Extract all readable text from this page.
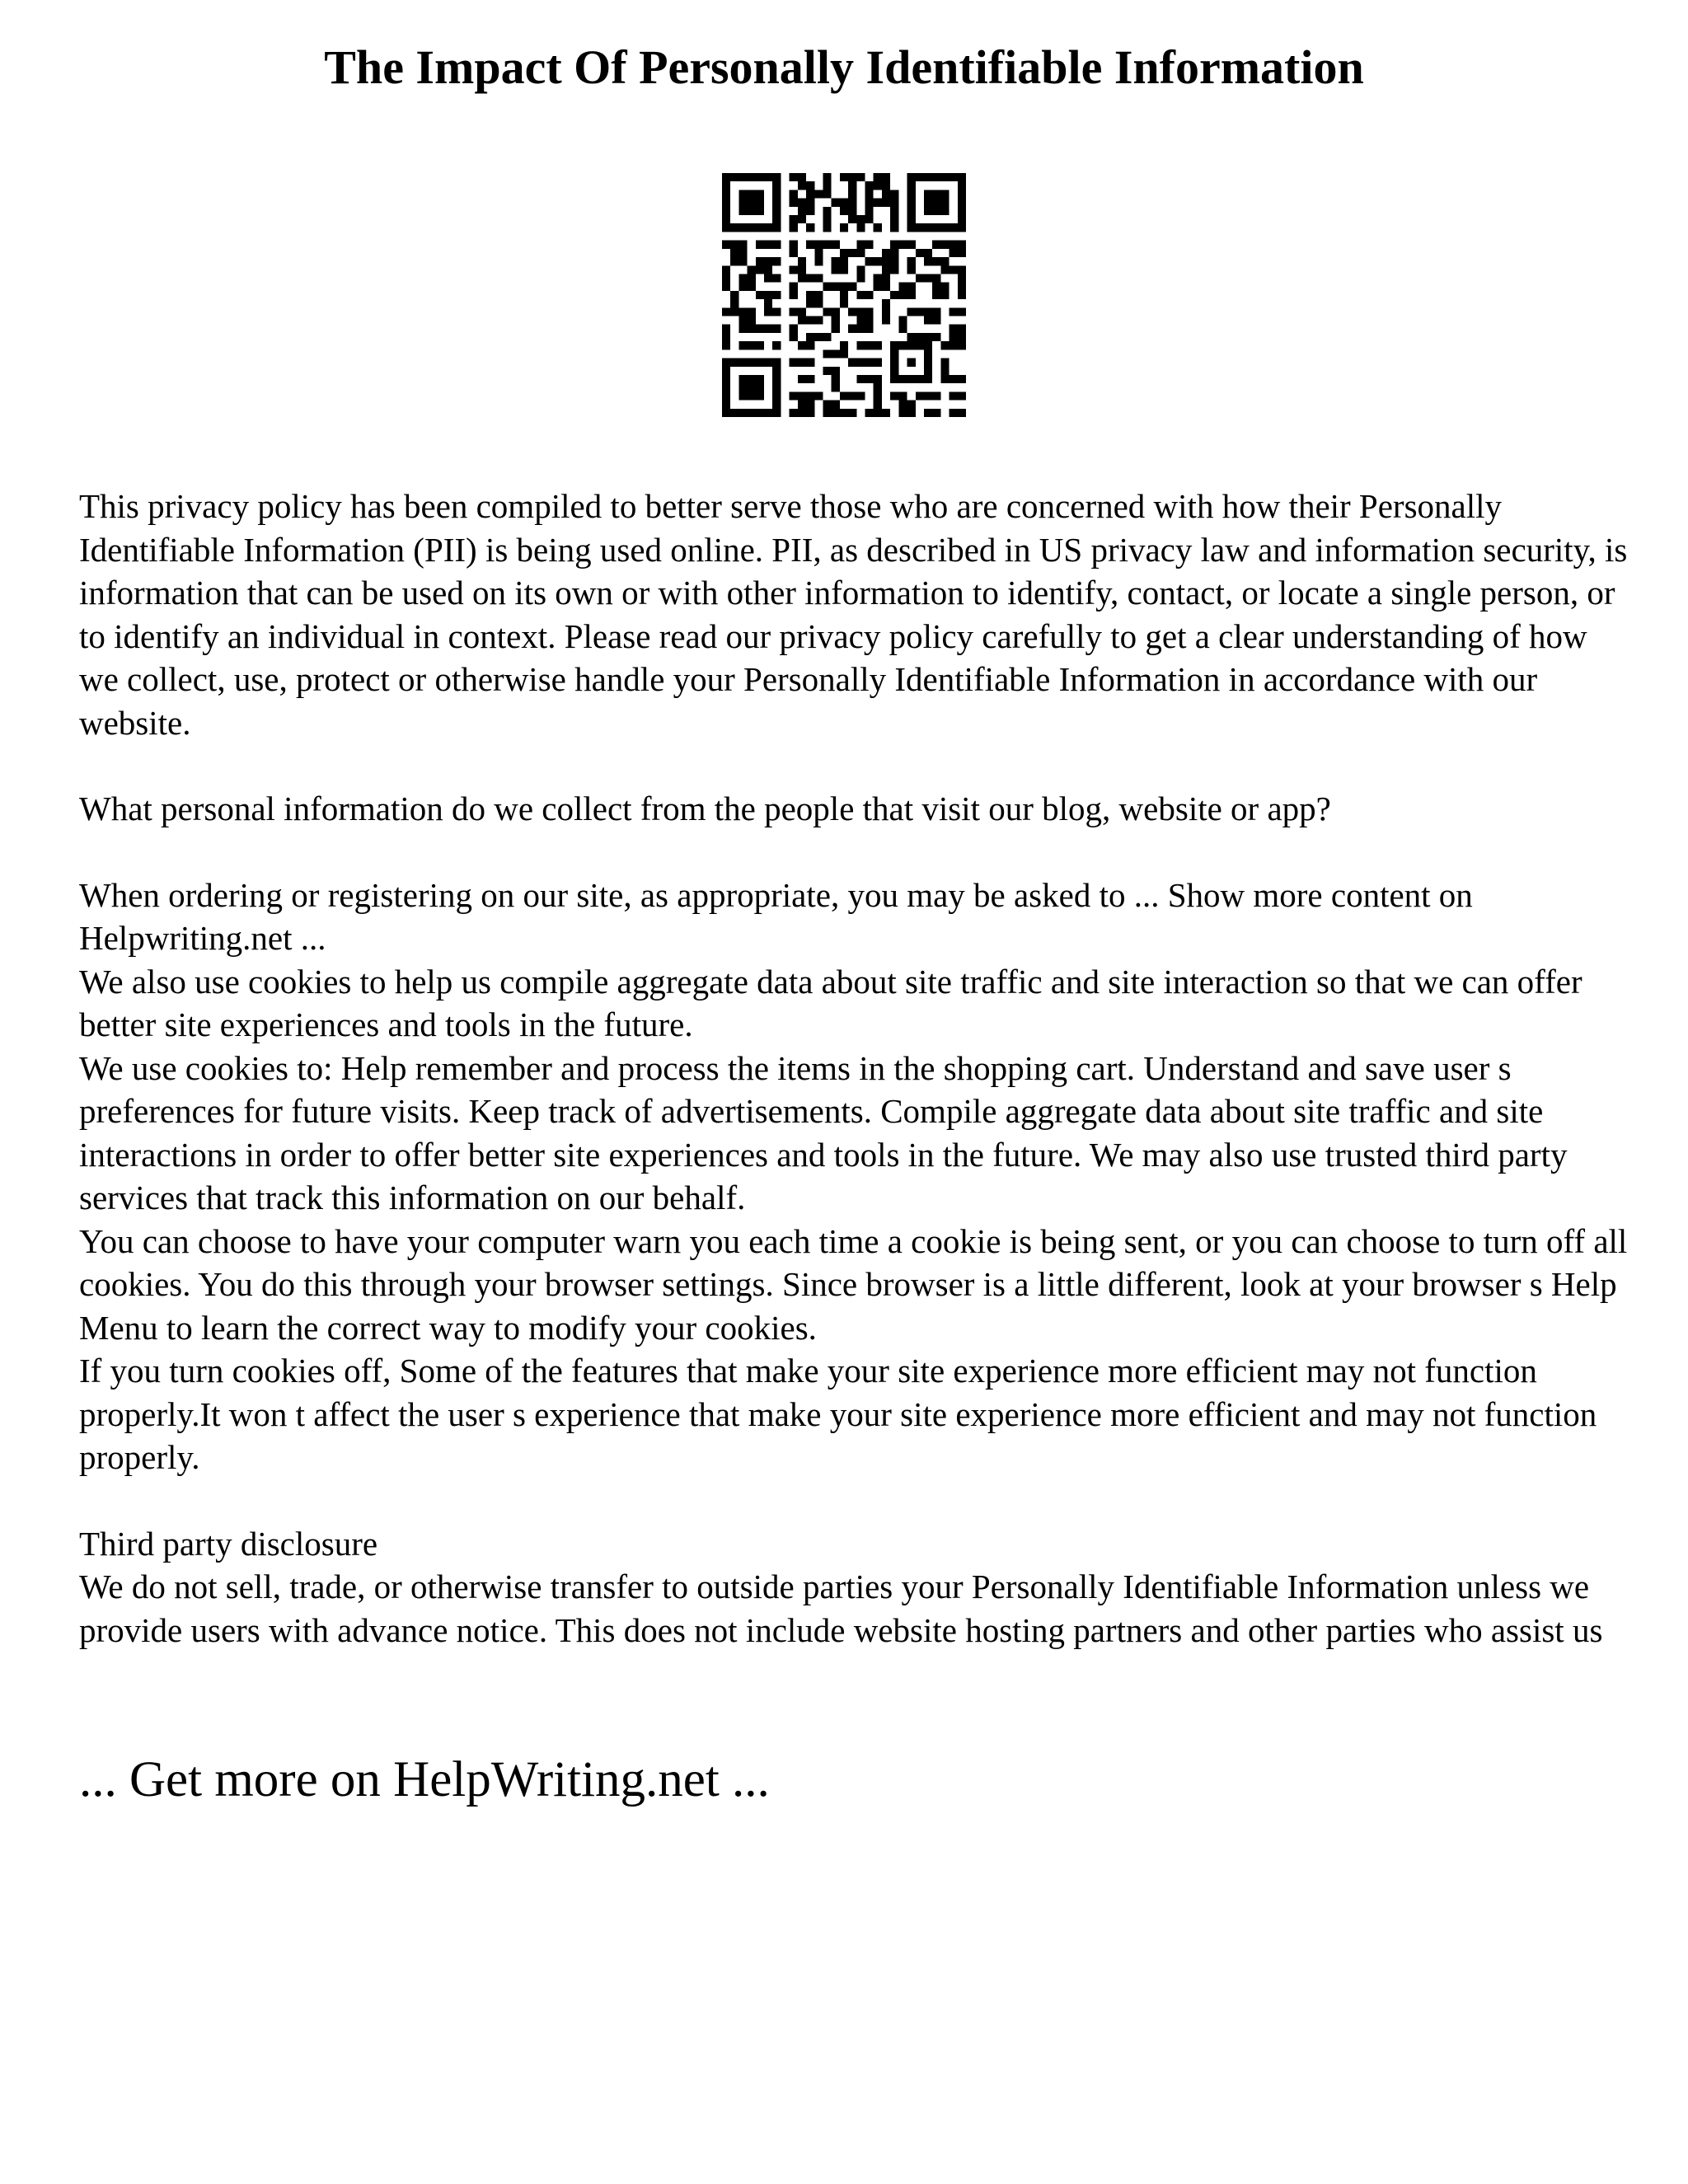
The Impact Of Personally Identifiable Information

This privacy policy has been compiled to better serve those who are concerned with how their Personally Identifiable Information (PII) is being used online. PII, as described in US privacy law and information security, is information that can be used on its own or with other information to identify, contact, or locate a single person, or to identify an individual in context. Please read our privacy policy carefully to get a clear understanding of how we collect, use, protect or otherwise handle your Personally Identifiable Information in accordance with our website.

What personal information do we collect from the people that visit our blog, website or app?

When ordering or registering on our site, as appropriate, you may be asked to ... Show more content on Helpwriting.net ...

We also use cookies to help us compile aggregate data about site traffic and site interaction so that we can offer better site experiences and tools in the future.

We use cookies to: Help remember and process the items in the shopping cart. Understand and save user s preferences for future visits. Keep track of advertisements. Compile aggregate data about site traffic and site interactions in order to offer better site experiences and tools in the future. We may also use trusted third party services that track this information on our behalf.

You can choose to have your computer warn you each time a cookie is being sent, or you can choose to turn off all cookies. You do this through your browser settings. Since browser is a little different, look at your browser s Help Menu to learn the correct way to modify your cookies.

If you turn cookies off, Some of the features that make your site experience more efficient may not function properly.It won t affect the user s experience that make your site experience more efficient and may not function properly.

Third party disclosure

We do not sell, trade, or otherwise transfer to outside parties your Personally Identifiable Information unless we provide users with advance notice. This does not include website hosting partners and other parties who assist us

... Get more on HelpWriting.net ...
